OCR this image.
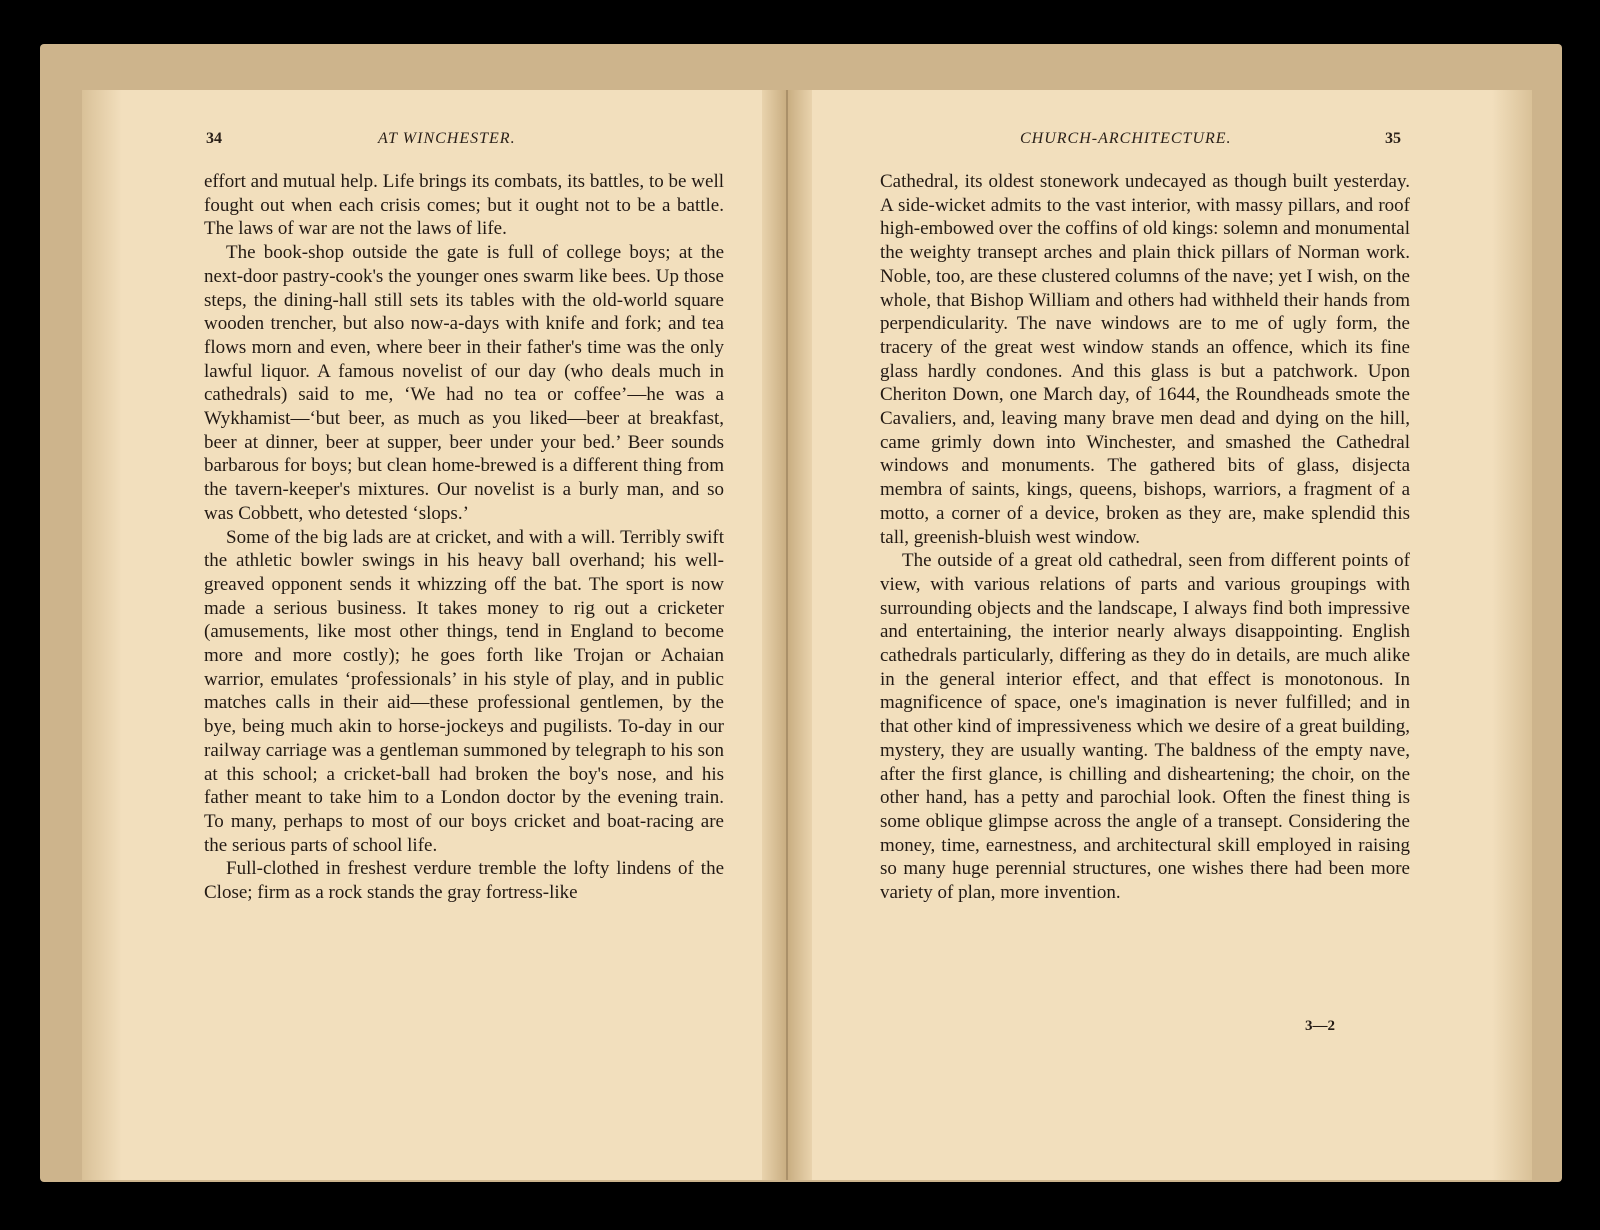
34	AT WINCHESTER.

effort and mutual help. Life brings its combats, its battles, to be well fought out when each crisis comes; but it ought not to be a battle. The laws of war are not the laws of life.

The book-shop outside the gate is full of college boys; at the next-door pastry-cook's the younger ones swarm like bees. Up those steps, the dining-hall still sets its tables with the old-world square wooden trencher, but also now-a-days with knife and fork; and tea flows morn and even, where beer in their father's time was the only lawful liquor. A famous novelist of our day (who deals much in cathedrals) said to me, ‘We had no tea or coffee’—he was a Wykhamist—‘but beer, as much as you liked—beer at breakfast, beer at dinner, beer at supper, beer under your bed.’ Beer sounds barbarous for boys; but clean home-brewed is a different thing from the tavern-keeper's mixtures. Our novelist is a burly man, and so was Cobbett, who detested ‘slops.’

Some of the big lads are at cricket, and with a will. Terribly swift the athletic bowler swings in his heavy ball overhand; his well-greaved opponent sends it whizzing off the bat. The sport is now made a serious business. It takes money to rig out a cricketer (amusements, like most other things, tend in England to become more and more costly); he goes forth like Trojan or Achaian warrior, emulates ‘professionals’ in his style of play, and in public matches calls in their aid—these professional gentlemen, by the bye, being much akin to horse-jockeys and pugilists. To-day in our railway carriage was a gentleman summoned by telegraph to his son at this school; a cricket-ball had broken the boy's nose, and his father meant to take him to a London doctor by the evening train. To many, perhaps to most of our boys cricket and boat-racing are the serious parts of school life.

Full-clothed in freshest verdure tremble the lofty lindens of the Close; firm as a rock stands the gray fortress-like

CHURCH-ARCHITECTURE.	35

Cathedral, its oldest stonework undecayed as though built yesterday. A side-wicket admits to the vast interior, with massy pillars, and roof high-embowed over the coffins of old kings: solemn and monumental the weighty transept arches and plain thick pillars of Norman work. Noble, too, are these clustered columns of the nave; yet I wish, on the whole, that Bishop William and others had withheld their hands from perpendicularity. The nave windows are to me of ugly form, the tracery of the great west window stands an offence, which its fine glass hardly condones. And this glass is but a patchwork. Upon Cheriton Down, one March day, of 1644, the Roundheads smote the Cavaliers, and, leaving many brave men dead and dying on the hill, came grimly down into Winchester, and smashed the Cathedral windows and monuments. The gathered bits of glass, disjecta membra of saints, kings, queens, bishops, warriors, a fragment of a motto, a corner of a device, broken as they are, make splendid this tall, greenish-bluish west window.

The outside of a great old cathedral, seen from different points of view, with various relations of parts and various groupings with surrounding objects and the landscape, I always find both impressive and entertaining, the interior nearly always disappointing. English cathedrals particularly, differing as they do in details, are much alike in the general interior effect, and that effect is monotonous. In magnificence of space, one's imagination is never fulfilled; and in that other kind of impressiveness which we desire of a great building, mystery, they are usually wanting. The baldness of the empty nave, after the first glance, is chilling and disheartening; the choir, on the other hand, has a petty and parochial look. Often the finest thing is some oblique glimpse across the angle of a transept. Considering the money, time, earnestness, and architectural skill employed in raising so many huge perennial structures, one wishes there had been more variety of plan, more invention.

3—2
